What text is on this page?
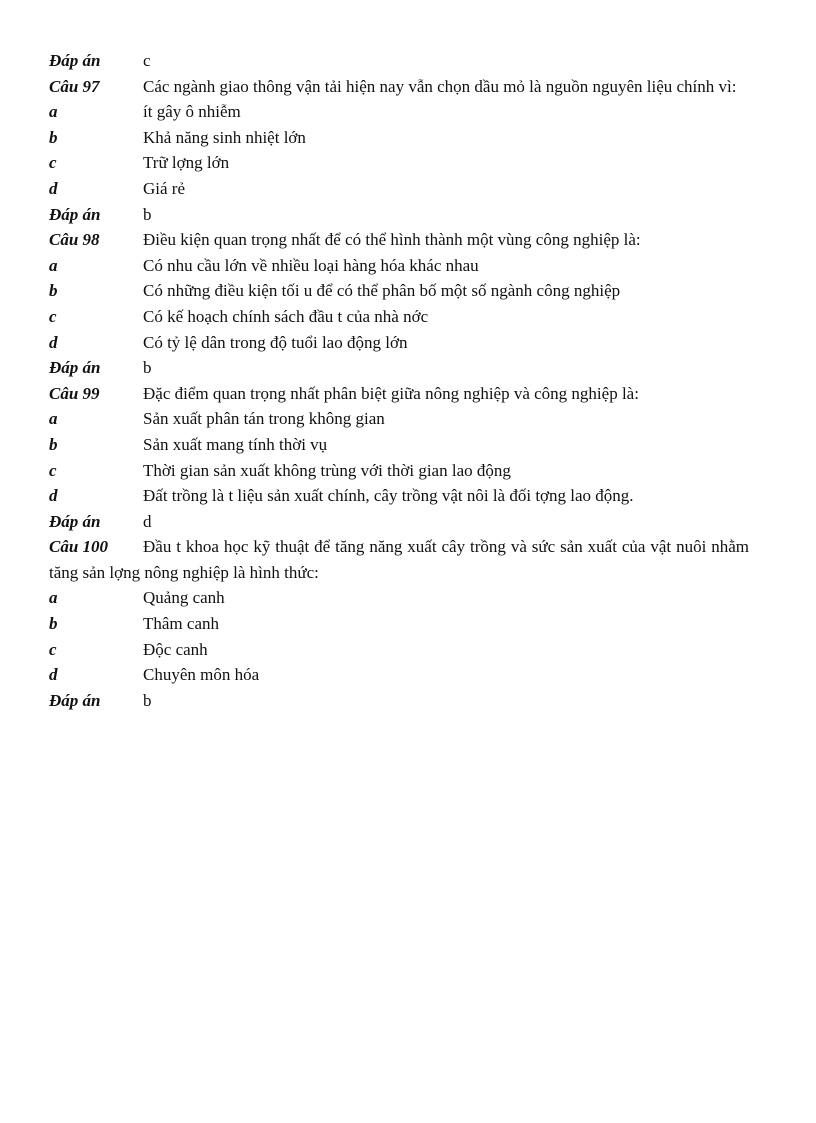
Đáp án	c
Câu 97	Các ngành giao thông vận tải hiện nay vẫn chọn dầu mỏ là nguồn nguyên liệu chính vì:
a	ít gây ô nhiễm
b	Khả năng sinh nhiệt lớn
c	Trữ lợng lớn
d	Giá rẻ
Đáp án	b
Câu 98	Điều kiện quan trọng nhất để có thể hình thành một vùng công nghiệp là:
a	Có nhu cầu lớn về nhiều loại hàng hóa khác nhau
b	Có những điều kiện tối u để có thể phân bố một số ngành công nghiệp
c	Có kế hoạch chính sách đầu t của nhà nớc
d	Có tỷ lệ dân trong độ tuổi lao động lớn
Đáp án	b
Câu 99	Đặc điểm quan trọng nhất phân biệt giữa nông nghiệp và công nghiệp là:
a	Sản xuất phân tán trong không gian
b	Sản xuất mang tính thời vụ
c	Thời gian sản xuất không trùng với thời gian lao động
d	Đất trồng là t liệu sản xuất chính, cây trồng vật nôi là đối tợng lao động.
Đáp án	d
Câu 100 Đầu t khoa học kỹ thuật để tăng năng xuất cây trồng và sức sản xuất của vật nuôi nhằm tăng sản lợng nông nghiệp là hình thức:
a	Quảng canh
b	Thâm canh
c	Độc canh
d	Chuyên môn hóa
Đáp án	b
